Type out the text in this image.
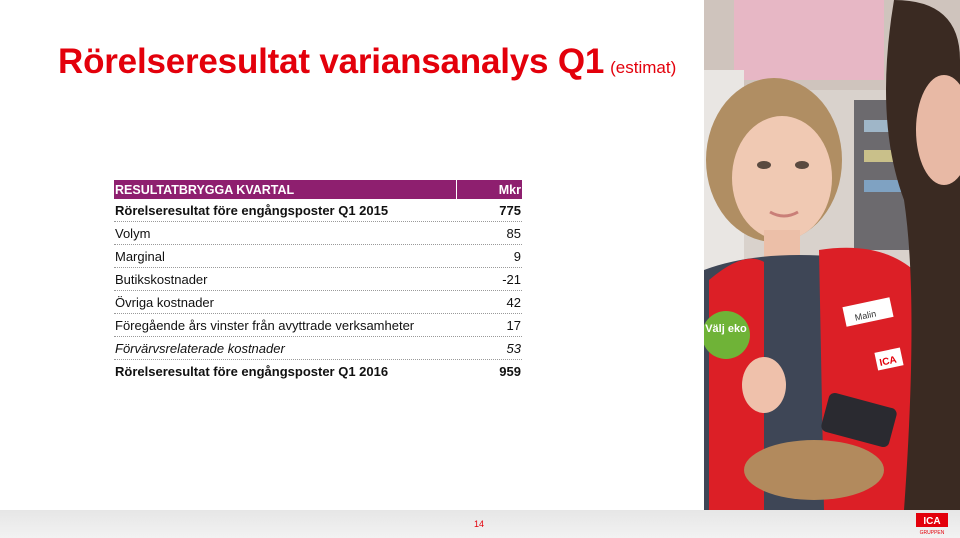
Rörelseresultat variansanalys Q1 (estimat)
RESULTATBRYGGA KVARTAL	Mkr
Rörelseresultat före engångsposter Q1 2015	775
Volym	85
Marginal	9
Butikskostnader	-21
Övriga kostnader	42
Föregående års vinster från avyttrade verksamheter	17
Förvärvsrelaterade kostnader	53
Rörelseresultat före engångsposter Q1 2016	959
Välj eko
Malin
ICA
14	ICA
GRUPPEN
